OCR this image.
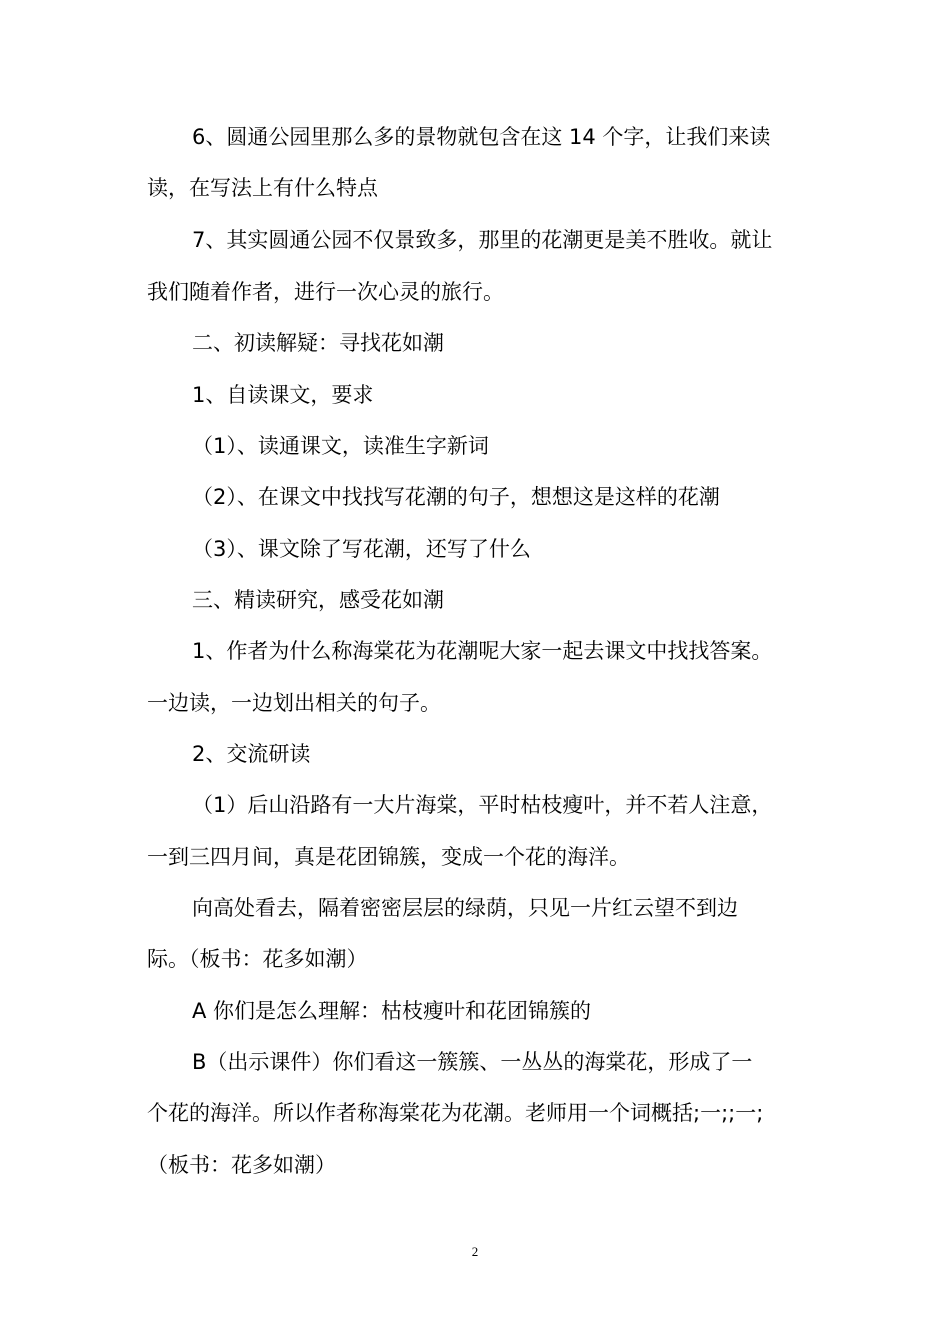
6、圆通公园里那么多的景物就包含在这 14 个字，让我们来读
读，在写法上有什么特点
7、其实圆通公园不仅景致多，那里的花潮更是美不胜收。就让
我们随着作者，进行一次心灵的旅行。
二、初读解疑：寻找花如潮
1、自读课文，要求
（1）、读通课文，读准生字新词
（2）、在课文中找找写花潮的句子，想想这是这样的花潮
（3）、课文除了写花潮，还写了什么
三、精读研究，感受花如潮
1、作者为什么称海棠花为花潮呢大家一起去课文中找找答案。
一边读，一边划出相关的句子。
2、交流研读
（1）后山沿路有一大片海棠，平时枯枝瘦叶，并不若人注意，
一到三四月间，真是花团锦簇，变成一个花的海洋。
向高处看去，隔着密密层层的绿荫，只见一片红云望不到边
际。（板书：花多如潮）
A 你们是怎么理解：枯枝瘦叶和花团锦簇的
B（出示课件）你们看这一簇簇、一丛丛的海棠花，形成了一
个花的海洋。所以作者称海棠花为花潮。老师用一个词概括;一;;一;
（板书：花多如潮）
2
